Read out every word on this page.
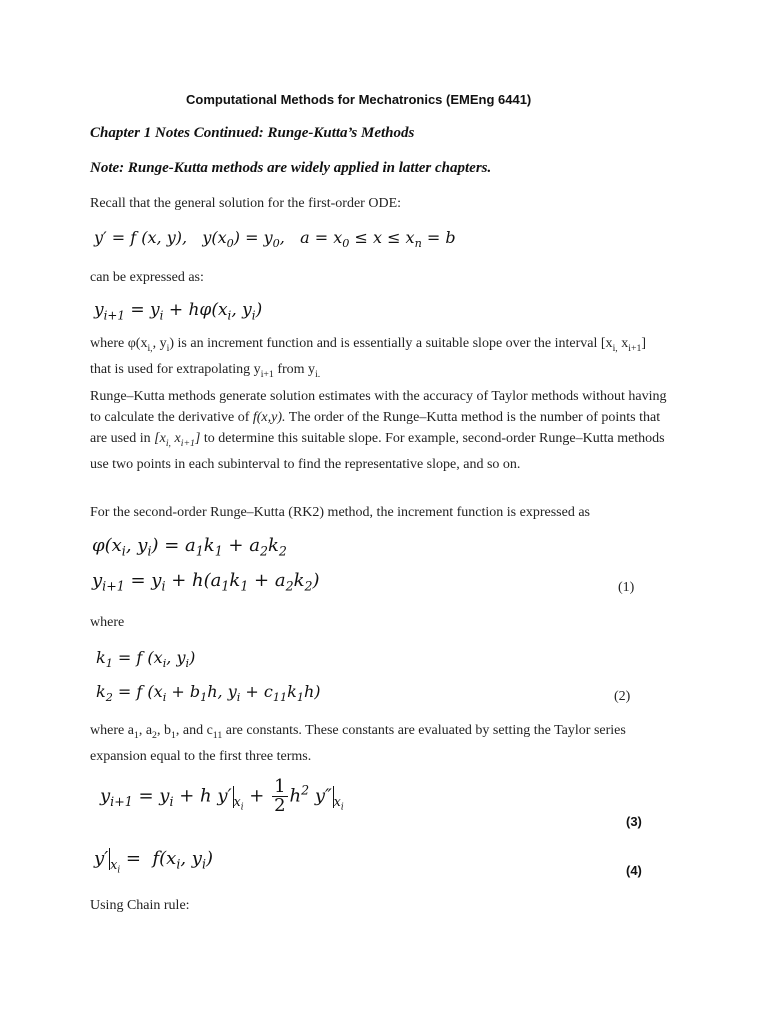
Computational Methods for Mechatronics (EMEng 6441)
Chapter 1 Notes Continued: Runge-Kutta’s Methods
Note: Runge-Kutta methods are widely applied in latter chapters.
Recall that the general solution for the first-order ODE:
y′ = f (x, y), $y(x_0) = y_0$, $a = x_0 \le x \le x_n = b$
can be expressed as:
$y_{i+1} = y_i + h\varphi(x_i$, $y_i$)
where $\varphi(x_{i,}$, $y_i$) is an increment function and is essentially a suitable slope over the interval [$x_{i,}$ $x_{i+1}$] that is used for extrapolating $y_{i+1}$ from $y_{i.}$
Runge–Kutta methods generate solution estimates with the accuracy of Taylor methods without having to calculate the derivative of f(x,y). The order of the Runge–Kutta method is the number of points that are used in [$x_{i,}$ $x_{i+1}$] to determine this suitable slope. For example, second-order Runge–Kutta methods use two points in each subinterval to find the representative slope, and so on.
For the second-order Runge–Kutta (RK2) method, the increment function is expressed as
$\varphi(x_i$, $y_i) = a_1k_1 + a_2k_2$
$y_{i+1} = y_i + h(a_1k_1 + a_2k_2)$	(1)
where
$k_1 = f$ ($x_i$, $y_i$)
$k_2 = f$ ($x_i + b_1h$, $y_i + c_{11}k_1h$)	(2)
where $a_1$, $a_2$, $b_1$, and $c_{11}$ are constants. These constants are evaluated by setting the Taylor series expansion equal to the first three terms.
$y_{i+1} = y_i + h$ y′ $_{x_i} + \frac{1}{2} h^2$ y″ $_{x_i}$
(3)
y′ $_{x_i} = f(x_i$, $y_i$)
(4)
Using Chain rule:
